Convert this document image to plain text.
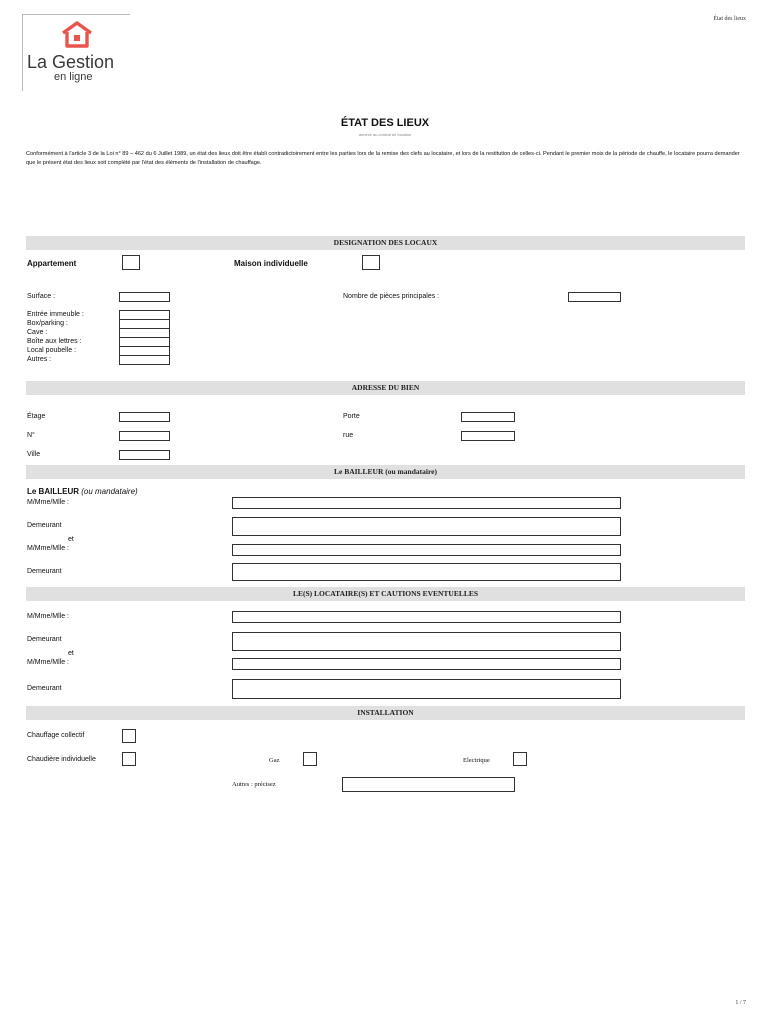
La Gestion
en ligne
État des lieux
ÉTAT DES LIEUX
annexé au contrat de location
Conformément à l'article 3 de la Loi n° 89 – 462 du 6 Juillet 1989, un état des lieux doit être établi contradictoirement entre les parties lors de la remise des clefs au locataire, et lors de la restitution de celles-ci. Pendant le premier mois de la période de chauffe, le locataire pourra demander que le présent état des lieux soit complété par l'état des éléments de l'installation de chauffage.
DESIGNATION DES LOCAUX
Appartement	Maison individuelle
Surface :	Nombre de pièces principales :
Entrée immeuble :
Box/parking :
Cave :
Boîte aux lettres :
Local poubelle :
Autres :
ADRESSE DU BIEN
Étage	Porte
N°	rue
Ville
Le BAILLEUR (ou mandataire)
Le BAILLEUR (ou mandataire)
M/Mme/Mlle :
Demeurant
et
M/Mme/Mlle :
Demeurant
LE(S) LOCATAIRE(S) ET CAUTIONS EVENTUELLES
M/Mme/Mlle :
Demeurant
et
M/Mme/Mlle :
Demeurant
INSTALLATION
Chauffage collectif
Chaudière individuelle	Gaz	Electrique
Autres : précisez
1 / 7
